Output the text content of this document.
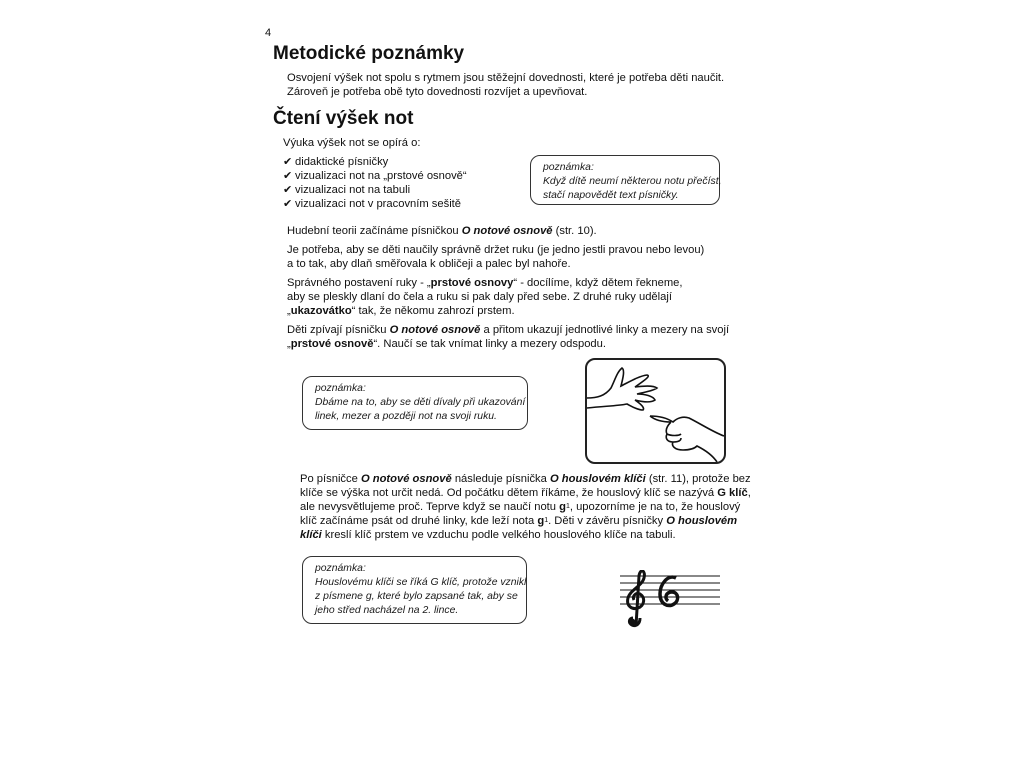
4
Metodické poznámky

Osvojení výšek not spolu s rytmem jsou stěžejní dovednosti, které je potřeba děti naučit.

Zároveň je potřeba obě tyto dovednosti rozvíjet a upevňovat.

Čtení výšek not

Výuka výšek not se opírá o:

✔ didaktické písničky
✔ vizualizaci not na „prstové osnově“
✔ vizualizaci not na tabuli
✔ vizualizaci not v pracovním sešitě
poznámka:
Když dítě neumí některou notu přečíst,
stačí napovědět text písničky.

Hudební teorii začínáme písničkou O notové osnově (str. 10).

Je potřeba, aby se děti naučily správně držet ruku (je jedno jestli pravou nebo levou)

a to tak, aby dlaň směřovala k obličeji a palec byl nahoře.

Správného postavení ruky - „prstové osnovy“ - docílíme, když dětem řekneme,

aby se pleskly dlaní do čela a ruku si pak daly před sebe. Z druhé ruky udělají

„ukazovátko“ tak, že někomu zahrozí prstem.

Děti zpívají písničku O notové osnově a přitom ukazují jednotlivé linky a mezery na svojí

„prstové osnově“. Naučí se tak vnímat linky a mezery odspodu.

poznámka:
Dbáme na to, aby se děti dívaly při ukazování
linek, mezer a později not na svoji ruku.

Po písničce O notové osnově následuje písnička O houslovém klíči (str. 11), protože bez

klíče se výška not určit nedá. Od počátku dětem říkáme, že houslový klíč se nazývá G klíč,

ale nevysvětlujeme proč. Teprve když se naučí notu $g^1$, upozorníme je na to, že houslový

klíč začínáme psát od druhé linky, kde leží nota $g^1$. Děti v závěru písničky O houslovém

klíči kreslí klíč prstem ve vzduchu podle velkého houslového klíče na tabuli.

poznámka:
Houslovému klíči se říká G klíč, protože vznikl
z písmene g, které bylo zapsané tak, aby se
jeho střed nacházel na 2. lince.
